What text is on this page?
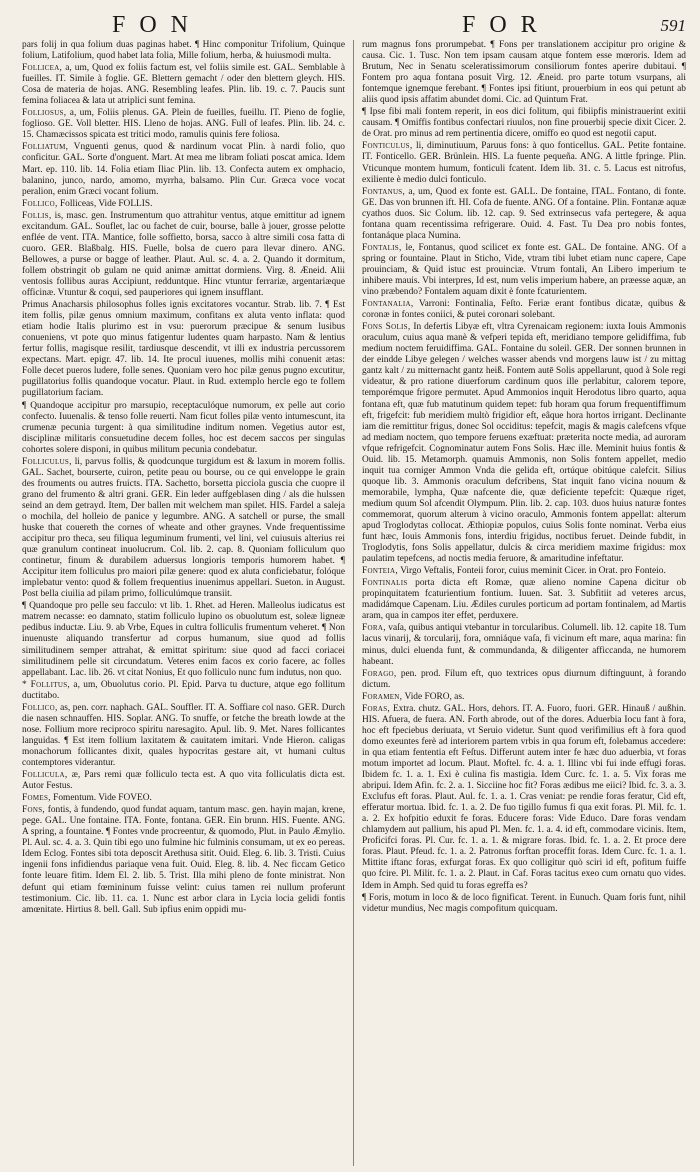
FON	FOR	591

pars folij in qua folium duas paginas habet. ¶ Hinc componitur Trifolium, Quinque folium, Latifolium, quod habet lata folia, Mille folium, herba, & huiusmodi multa.

Follicea, a, um, Quod ex foliis factum est, vel foliis simile est. GAL. Semblable à fueilles. IT. Simile à foglie. GE. Blettern gemacht / oder den blettern gleych. HIS. Cosa de materia de hojas. ANG. Resembling leafes. Plin. lib. 19. c. 7. Paucis sunt femina foliacea & lata ut atriplici sunt femina.

Folliosus, a, um, Foliis plenus. GA. Plein de fueilles, fueillu. IT. Pieno de foglie, foglioso. GE. Voll bletter. HIS. Lleno de hojas. ANG. Full of leafes. Plin. lib. 24. c. 15. Chamæcissos spicata est tritici modo, ramulis quinis fere foliosa.

Folliatum, Vnguenti genus, quod & nardinum vocat Plin. à nardi folio, quo conficitur. GAL. Sorte d'onguent. Mart. At mea me libram foliati poscat amica. Idem Mart. ep. 110. lib. 14. Folia etiam Iliac Plin. lib. 13. Confecta autem ex omphacio, balanino, junco, nardo, amomo, myrrha, balsamo. Plin Cur. Græca voce vocat peralion, enim Græci vocant folium.

Follico, Folliceas, Vide FOLLIS.

Follis, is, masc. gen. Instrumentum quo attrahitur ventus, atque emittitur ad ignem excitandum. GAL. Souflet, lac ou fachet de cuir, bourse, balle à jouer, grosse pelotte enflée de vent. ITA. Mantice, folle soffietto, borsa, sacco à altre simili cosa fatta di cuoro. GER. Blaßbalg. HIS. Fuelle, bolsa de cuero para llevar dinero. ANG. Bellowes, a purse or bagge of leather. Plaut. Aul. sc. 4. a. 2. Quando it dormitum, follem obstringit ob gulam ne quid animæ amittat dormiens. Virg. 8. Æneid. Alii ventosis follibus auras Accipiunt, redduntque. Hinc vtuntur ferrariæ, argentariæque officinæ. Vtuntur & coqui, sed pauperiores qui ignem insufflant.

Primus Anacharsis philosophus folles ignis excitatores vocantur. Strab. lib. 7. ¶ Est item follis, pilæ genus omnium maximum, confitans ex aluta vento inflata: quod etiam hodie Italis plurimo est in vsu: puerorum præcipue & senum lusibus conueniens, vt pote quo minus fatigentur ludentes quam harpasto. Nam & lentius fertur follis, magisque resilit, tardiusque descendit, vt illi ex industria percussorem expectans. Mart. epigr. 47. lib. 14. Ite procul iuuenes, mollis mihi conuenit ætas: Folle decet pueros ludere, folle senes. Quoniam vero hoc pilæ genus pugno excutitur, pugillatorius follis quandoque vocatur. Plaut. in Rud. extemplo hercle ego te follem pugillatorium faciam.

¶ Quandoque accipitur pro marsupio, receptaculóque numorum, ex pelle aut corio confecto. Iuuenalis. & tenso folle reuerti. Nam ficut folles pilæ vento intumescunt, ita crumenæ pecunia turgent: à qua similitudine inditum nomen. Vegetius autor est, disciplinæ militaris consuetudine decem folles, hoc est decem saccos per singulas cohortes solere disponi, in quibus militum pecunia condebatur.

Folliculus, li, parvus follis, & quodcunque turgidum est & laxum in morem follis. GAL. Sachet, bourserte, cuiron, petite peau ou bourse, ou ce qui enveloppe le grain des frouments ou autres fruicts. ITA. Sachetto, borsetta picciola guscia che cuopre il grano del frumento & altri grani. GER. Ein leder auffgeblasen ding / als die hulssen seind an dem getrayd. Item, Der ballen mit welchem man spilet. HIS. Fardel a saleja o mochila, del holleio de panice y legumbre. ANG. A satchell or purse, the small huske that couereth the cornes of wheate and other graynes. Vnde frequentissime accipitur pro theca, seu filiqua leguminum frumenti, vel lini, vel cuiusuis alterius rei quæ granulum contineat inuolucrum. Col. lib. 2. cap. 8. Quoniam folliculum quo continetur, finum & durabilem aduersus longioris temporis humorem habet. ¶ Accipitur item folliculus pro maiori pilæ genere: quod ex aluta conficiebatur, folóque implebatur vento: quod & follem frequentius inuenimus appellari. Sueton. in August. Post bella ciuilia ad pilam primo, folliculúmque transiit.

¶ Quandoque pro pelle seu facculo: vt lib. 1. Rhet. ad Heren. Malleolus iudicatus est matrem necasse: eo damnato, statim folliculo lupino os obuolutum est, soleæ ligneæ pedibus inductæ. Liu. 9. ab Vrbe, Eques in cultra folliculis frumentum veheret. ¶ Non inuenuste aliquando transfertur ad corpus humanum, siue quod ad follis similitudinem semper attrahat, & emittat spiritum: siue quod ad facci coriacei similitudinem pelle sit circundatum. Veteres enim facos ex corio facere, ac folles appellabant. Lac. lib. 26. vt citat Nonius, Et quo folliculo nunc fum indutus, non quo.

* Follitus, a, um, Obuolutus corio. Pl. Epid. Parva tu ducture, atque ego follitum ductitabo.

Follico, as, pen. corr. naphach. GAL. Souffler. IT. A. Soffiare col naso. GER. Durch die nasen schnauffen. HIS. Soplar. ANG. To snuffe, or fetche the breath lowde at the nose. Follium more reciproco spiritu naresagito. Apul. lib. 9. Met. Nares follicantes languidas. ¶ Est item follium laxitatem & cauitatem imitari. Vnde Hieron. caligas monachorum follicantes dixit, quales hypocritas gestare ait, vt humani cultus contemptores viderantur.

Follicula, æ, Pars remi quæ folliculo tecta est. A quo vita folliculatis dicta est. Autor Festus.

Fomes, Fomentum. Vide FOVEO.

Fons, fontis, à fundendo, quod fundat aquam, tantum masc. gen. hayin majan, krene, pege. GAL. Une fontaine. ITA. Fonte, fontana. GER. Ein brunn. HIS. Fuente. ANG. A spring, a fountaine. ¶ Fontes vnde procreentur, & quomodo, Plut. in Paulo Æmylio. Pl. Aul. sc. 4. a. 3. Quin tibi ego uno fulmine hic fulminis consumam, ut ex eo pereas. Idem Eclog. Fontes sibi tota deposcit Arethusa sitit. Ouid. Eleg. 6. lib. 3. Tristi. Cuius ingenii fons infidiendus pariaque vena fuit. Ouid. Eleg. 8. lib. 4. Nec ficcam Getico fonte leuare fitim. Idem El. 2. lib. 5. Trist. Illa mihi pleno de fonte ministrat. Non defunt qui etiam fœmininum fuisse velint: cuius tamen rei nullum proferunt testimonium. Cic. lib. 11. ca. 1. Nunc est arbor clara in Lycia locia gelidi fontis amœnitate. Hirtius 8. bell. Gall. Sub ipfius enim oppidi mu-

rum magnus fons prorumpebat. ¶ Fons per translationem accipitur pro origine & causa. Cic. 1. Tusc. Non tem ipsam causam atque fontem esse mœroris. Idem ad Brutum, Nec in Senatu sceleratissimorum consiliorum fontes aperire dubitaui. ¶ Fontem pro aqua fontana posuit Virg. 12. Æneid. pro parte totum vsurpans, ali fontemque ignemque ferebant. ¶ Fontes ipsi fitiunt, prouerbium in eos qui petunt ab aliis quod ipsis affatim abundet domi. Cic. ad Quintum Frat.

¶ Ipse fibi mali fontem reperit, in eos dici folitum, qui fibiipfis ministrauerint exitii causam. ¶ Omiffis fontibus confectari riuulos, non fine prouerbij specie dixit Cicer. 2. de Orat. pro minus ad rem pertinentia dicere, omiffo eo quod est negotii caput.

Fonticulus, li, diminutiuum, Paruus fons: à quo fonticellus. GAL. Petite fontaine. IT. Fonticello. GER. Brünlein. HIS. La fuente pequeña. ANG. A little fpringe. Plin. Vticunque montem humum, fonticuli fcatent. Idem lib. 31. c. 5. Lacus est nitrofus, exiliente è medio dulci fonticulo.

Fontanus, a, um, Quod ex fonte est. GALL. De fontaine, ITAL. Fontano, di fonte. GE. Das von brunnen ift. HI. Cofa de fuente. ANG. Of a fontaine. Plin. Fontanæ aquæ cyathos duos. Sic Colum. lib. 12. cap. 9. Sed extrinsecus vafa pertegere, & aqua fontana quam recentissima refrigerare. Ouid. 4. Fast. Tu Dea pro nobis fontes, fontanáque placa Numina.

Fontalis, le, Fontanus, quod scilicet ex fonte est. GAL. De fontaine. ANG. Of a spring or fountaine. Plaut in Sticho, Vide, vtram tibi lubet etiam nunc capere, Cape prouinciam, & Quid istuc est prouinciæ. Vtrum fontali, An Libero imperium te inhibere mauis. Vbi interpres, Id est, num velis imperium habere, an præesse aquæ, an vino præbendo? Fontalem aquam dixit è fonte fcaturientem.

Fontanalia, Varroni: Fontinalia, Feſto. Feriæ erant fontibus dicatæ, quibus & coronæ in fontes coniici, & putei coronari solebant.

Fons Solis, In defertis Libyæ eft, vltra Cyrenaicam regionem: iuxta Iouis Ammonis oraculum, cuius aqua manè & vefperi tepida eft, meridiano tempore gelidiffima, fub medium noctem feruidiffima. GAL. Fontaine du soleil. GER. Der sonnen brunnen in der eindde Libye gelegen / welches wasser abends vnd morgens lauw ist / zu mittag gantz kalt / zu mitternacht gantz heiß. Fontem autē Solis appellarunt, quod à Sole regi videatur, & pro ratione diuerforum cardinum quos ille perlabitur, calorem tepore, temporémque frigore permutet. Apud Ammonios inquit Herodotus libro quarto, aqua fontana eft, quæ fub matutinum quidem tepet: fub horam qua forum frequentiffimum eft, frigefcit: fub meridiem multò frigidior eft, eâque hora hortos irrigant. Declinante iam die remittitur frigus, donec Sol occiditus: tepefcit, magis & magis calefcens vfque ad mediam noctem, quo tempore feruens exæftuat: præterita nocte media, ad auroram vfque refrigefcit. Cognominatur autem Fons Solis. Hæc ille. Meminit huius fontis & Ouid. lib. 15. Metamorph. quamuis Ammonis, non Solis fontem appellet, medio inquit tua corniger Ammon Vnda die gelida eft, ortúque obitúque calefcit. Silius quoque lib. 3. Ammonis oraculum defcribens, Stat inquit fano vicina nouum & memorabile, lympha, Quæ nafcente die, quæ deficiente tepefcit: Quæque riget, medium quum Sol afcendit Olympum. Plin. lib. 2. cap. 103. duos huius naturæ fontes commemorat, quorum alterum à vicino oraculo, Ammonis fontem appellat: alterum apud Troglodytas collocat. Æthiopiæ populos, cuius Solis fonte nominat. Verba eius funt hæc, Iouis Ammonis fons, interdiu frigidus, noctibus feruet. Deinde fubdit, in Troglodytis, fons Solis appellatur, dulcis & circa meridiem maxime frigidus: mox paulatim tepefcens, ad noctis media feruore, & amaritudine infeftatur.

Fonteia, Virgo Veftalis, Fonteii foror, cuius meminit Cicer. in Orat. pro Fonteio.

Fontinalis porta dicta eft Romæ, quæ alieno nomine Capena dicitur ob propinquitatem fcaturientium fontium. Iuuen. Sat. 3. Subfitiit ad veteres arcus, madidámque Capenam. Liu. Ædiles curules porticum ad portam fontinalem, ad Martis aram, qua in campos iter effet, perduxere.

Fora, vaſa, quibus antiqui vtebantur in torcularibus. Columell. lib. 12. capite 18. Tum lacus vinarij, & torcularij, fora, omniáque vaſa, fi vicinum eft mare, aqua marina: fin minus, dulci eluenda funt, & commundanda, & diligenter afficcanda, ne humorem habeant.

Forago, pen. prod. Filum eft, quo textrices opus diurnum diftinguunt, à forando dictum.

Foramen, Vide FORO, as.

Foras, Extra. chutz. GAL. Hors, dehors. IT. A. Fuoro, fuori. GER. Hinauß / außhin. HIS. Afuera, de fuera. AN. Forth abrode, out of the dores. Aduerbia Iocu fant à fora, hoc eft fpeciebus deriuata, vt Seruio videtur. Sunt quod verifimilius eft à fora quod domo exeuntes ferè ad interiorem partem vrbis in qua forum eft, folebamus accedere: in qua etiam fententia eft Feſtus. Differunt autem inter fe hæc duo aduerbia, vt foras motum importet ad locum. Plaut. Moftel. fc. 4. a. 1. Illinc vbi fui inde effugi foras. Ibidem fc. 1. a. 1. Exi è culina fis mastigia. Idem Curc. fc. 1. a. 5. Vix foras me abripui. Idem Afin. fc. 2. a. 1. Sicciine hoc fit? Foras ædibus me eiici? Ibid. fc. 3. a. 3. Exclufus eft foras. Plaut. Aul. fc. 1. a. 1. Cras veniat: pe rendie foras feratur, Cid eft, efferatur mortua. Ibid. fc. 1. a. 2. De fuo tigillo fumus fi qua exit foras. Pl. Mil. fc. 1. a. 2. Ex hofpitio eduxit fe foras. Educere foras: Vide Educo. Dare foras vendam chlamydem aut pallium, his apud Pl. Men. fc. 1. a. 4. id eft, commodare vicinis. Item, Proficifci foras. Pl. Cur. fc. 1. a. 1. & migrare foras. Ibid. fc. 1. a. 2. Et proce dere foras. Plaut. Pfeud. fc. 1. a. 2. Patronus forftan proceffit foras. Idem Curc. fc. 1. a. 1. Mittite iftanc foras, exfurgat foras. Ex quo colligitur quò sciri id eft, pofitum fuiffe quo fcire. Pl. Milit. fc. 1. a. 2. Plaut. in Caf. Foras tacitus exeo cum ornatu quo vides. Idem in Amph. Sed quid tu foras egreffa es?

¶ Foris, motum in loco & de loco fignificat. Terent. in Eunuch. Quam foris funt, nihil videtur mundius, Nec magis compofitum quicquam.
